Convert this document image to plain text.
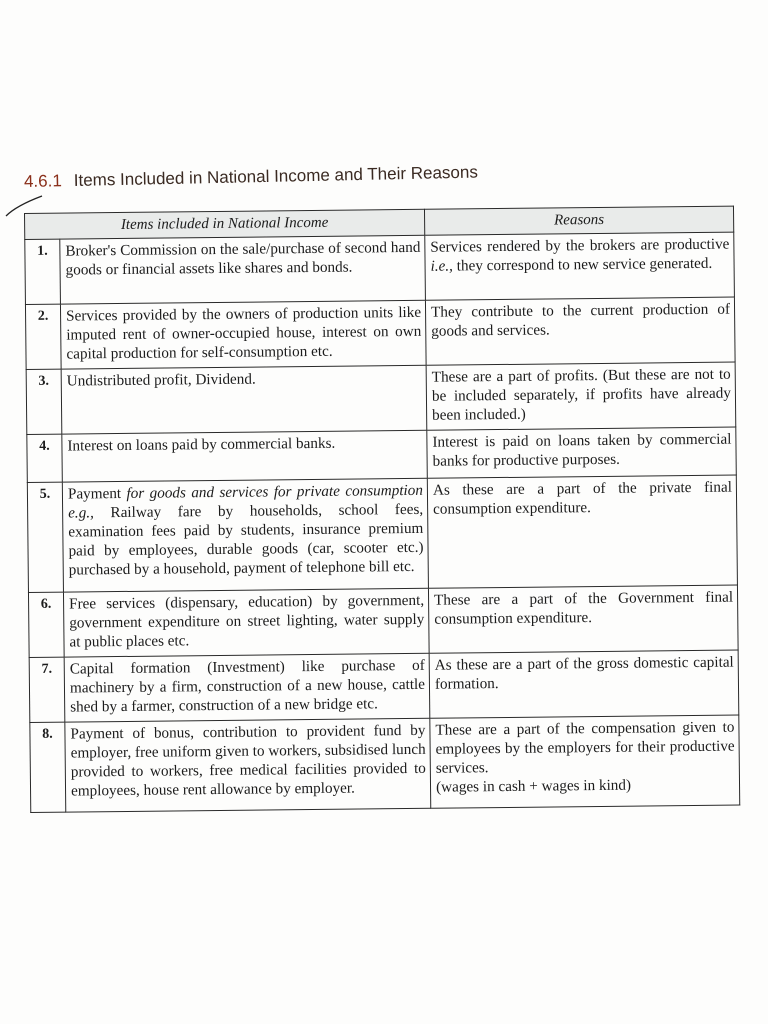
4.6.1 Items Included in National Income and Their Reasons
Items included in National Income		Reasons
1.	Broker's Commission on the sale/purchase of second hand goods or financial assets like shares and bonds.	Services rendered by the brokers are productive i.e., they correspond to new service generated.
2.	Services provided by the owners of production units like imputed rent of owner-occupied house, interest on own capital production for self-consumption etc.	They contribute to the current production of goods and services.
3.	Undistributed profit, Dividend.	These are a part of profits. (But these are not to be included separately, if profits have already been included.)
4.	Interest on loans paid by commercial banks.	Interest is paid on loans taken by commercial banks for productive purposes.
5.	Payment for goods and services for private consumption e.g., Railway fare by households, school fees, examination fees paid by students, insurance premium paid by employees, durable goods (car, scooter etc.) purchased by a household, payment of telephone bill etc.	As these are a part of the private final consumption expenditure.
6.	Free services (dispensary, education) by government, government expenditure on street lighting, water supply at public places etc.	These are a part of the Government final consumption expenditure.
7.	Capital formation (Investment) like purchase of machinery by a firm, construction of a new house, cattle shed by a farmer, construction of a new bridge etc.	As these are a part of the gross domestic capital formation.
8.	Payment of bonus, contribution to provident fund by employer, free uniform given to workers, subsidised lunch provided to workers, free medical facilities provided to employees, house rent allowance by employer.	These are a part of the compensation given to employees by the employers for their productive services.
(wages in cash + wages in kind)
